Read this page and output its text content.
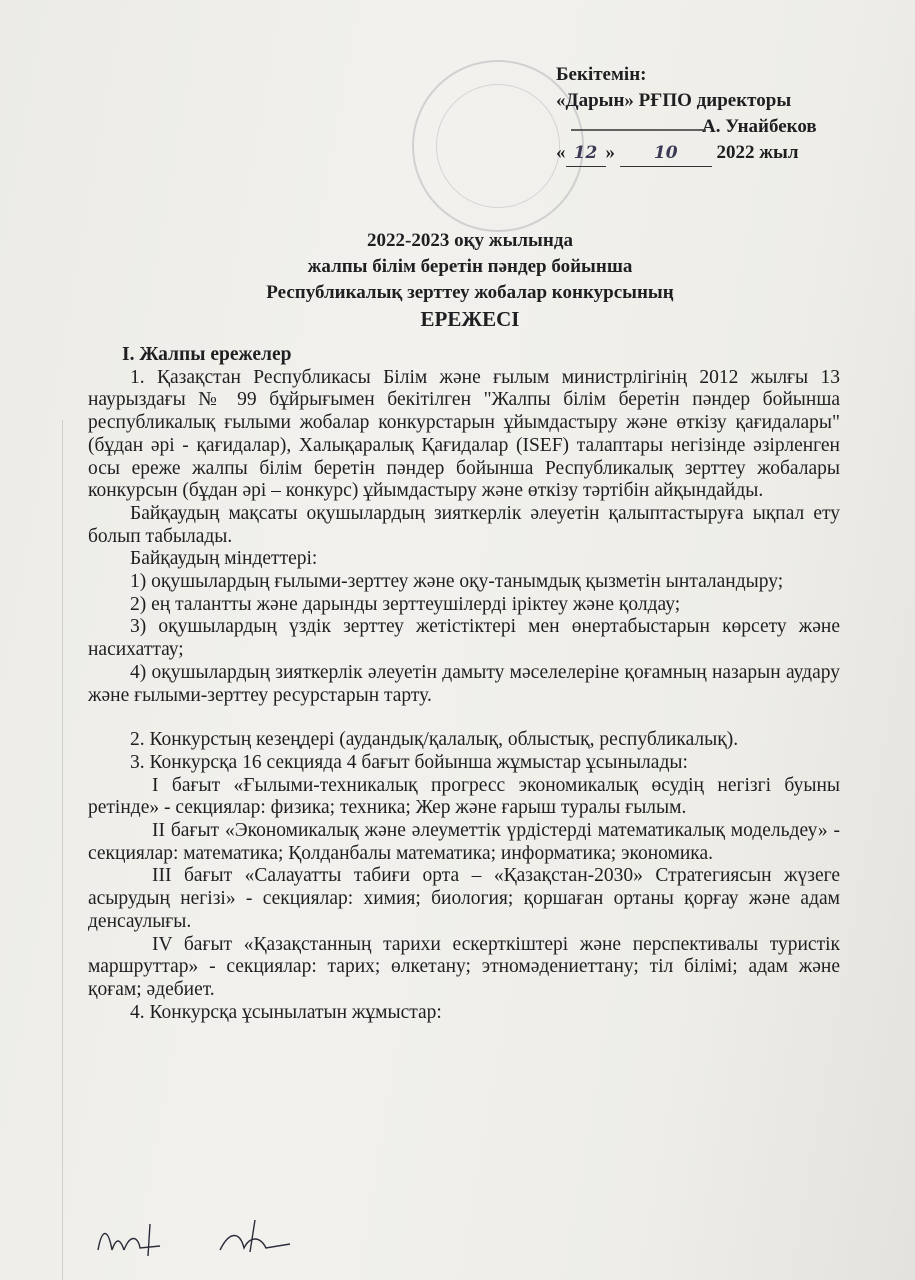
Бекітемін:
«Дарын» РҒПО директоры
А. Унайбеков
« 12 » 10 2022 жыл
2022-2023 оқу жылында
жалпы білім беретін пәндер бойынша
Республикалық зерттеу жобалар конкурсының
ЕРЕЖЕСІ

I. Жалпы ережелер

1. Қазақстан Республикасы Білім және ғылым министрлігінің 2012 жылғы 13 наурыздағы № 99 бұйрығымен бекітілген "Жалпы білім беретін пәндер бойынша республикалық ғылыми жобалар конкурстарын ұйымдастыру және өткізу қағидалары" (бұдан әрі - қағидалар), Халықаралық Қағидалар (ISEF) талаптары негізінде әзірленген осы ереже жалпы білім беретін пәндер бойынша Республикалық зерттеу жобалары конкурсын (бұдан әрі – конкурс) ұйымдастыру және өткізу тәртібін айқындайды.

Байқаудың мақсаты оқушылардың зияткерлік әлеуетін қалыптастыруға ықпал ету болып табылады.

Байқаудың міндеттері:

1) оқушылардың ғылыми-зерттеу және оқу-танымдық қызметін ынталандыру;

2) ең талантты және дарынды зерттеушілерді іріктеу және қолдау;

3) оқушылардың үздік зерттеу жетістіктері мен өнертабыстарын көрсету және насихаттау;

4) оқушылардың зияткерлік әлеуетін дамыту мәселелеріне қоғамның назарын аудару және ғылыми-зерттеу ресурстарын тарту.

2. Конкурстың кезеңдері (аудандық/қалалық, облыстық, республикалық).

3. Конкурсқа 16 секцияда 4 бағыт бойынша жұмыстар ұсынылады:

I бағыт «Ғылыми-техникалық прогресс экономикалық өсудің негізгі буыны ретінде» - секциялар: физика; техника; Жер және ғарыш туралы ғылым.

II бағыт «Экономикалық және әлеуметтік үрдістерді математикалық модельдеу» - секциялар: математика; Қолданбалы математика; информатика; экономика.

III бағыт «Салауатты табиғи орта – «Қазақстан-2030» Стратегиясын жүзеге асырудың негізі» - секциялар: химия; биология; қоршаған ортаны қорғау және адам денсаулығы.

IV бағыт «Қазақстанның тарихи ескерткіштері және перспективалы туристік маршруттар» - секциялар: тарих; өлкетану; этномәдениеттану; тіл білімі; адам және қоғам; әдебиет.

4. Конкурсқа ұсынылатын жұмыстар:
